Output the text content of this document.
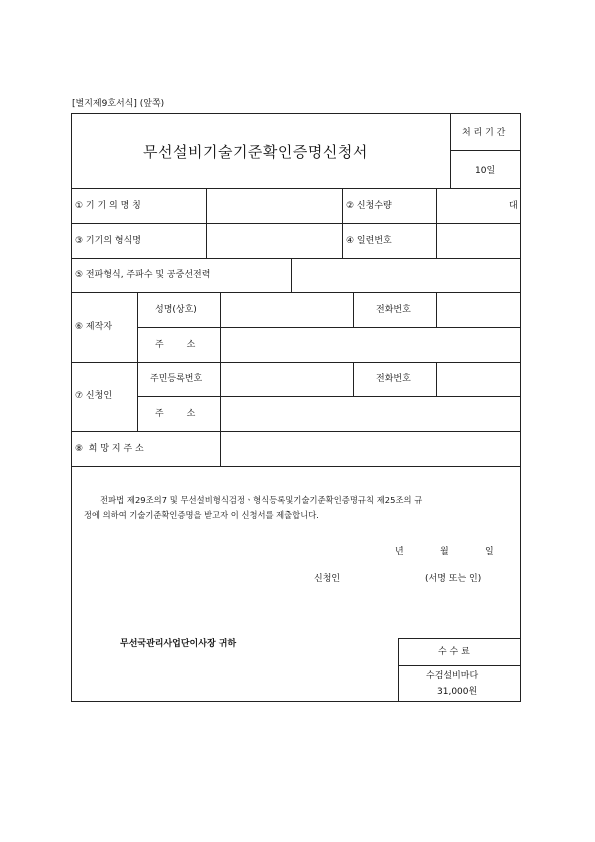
[별지제9호서식] (앞쪽)
무선설비기술기준확인증명신청서
처 리 기 간
10일
① 기 기 의 명 칭	② 신청수량	대
③ 기기의 형식명	④ 일련번호
⑤ 전파형식, 주파수 및 공중선전력
⑥ 제작자
성명(상호)	전화번호
주        소
⑦ 신청인
주민등록번호	전화번호
주        소
⑧  희 망 지 주 소
전파법 제29조의7 및 무선설비형식검정ㆍ형식등록및기술기준확인증명규칙 제25조의 규
정에 의하여 기술기준확인증명을 받고자 이 신청서를 제출합니다.
년	월	일
신청인	(서명 또는 인)
무선국관리사업단이사장 귀하
수 수 료
수검설비마다
31,000원
